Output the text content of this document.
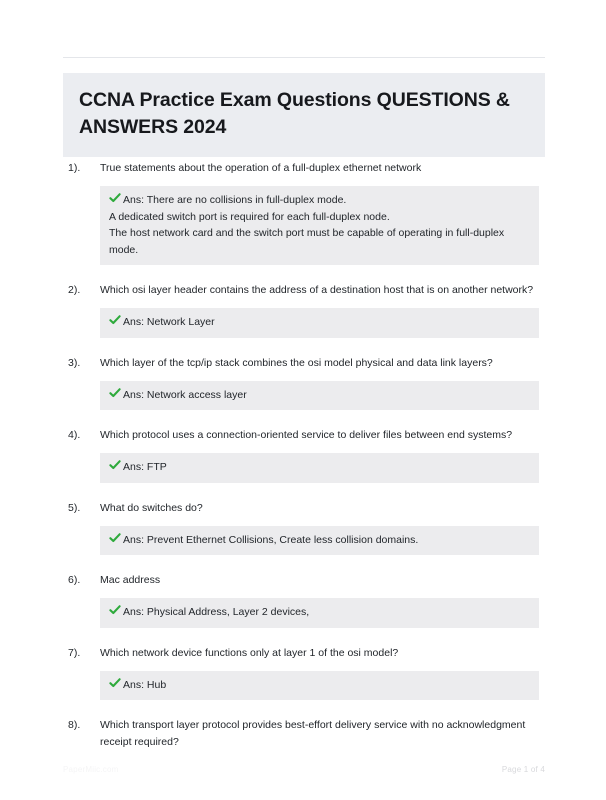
CCNA Practice Exam Questions QUESTIONS & ANSWERS 2024
1).	True statements about the operation of a full-duplex ethernet network

Ans: There are no collisions in full-duplex mode.

A dedicated switch port is required for each full-duplex node.

The host network card and the switch port must be capable of operating in full-duplex mode.

2).	Which osi layer header contains the address of a destination host that is on another network?

Ans: Network Layer

3).	Which layer of the tcp/ip stack combines the osi model physical and data link layers?

Ans: Network access layer

4).	Which protocol uses a connection-oriented service to deliver files between end systems?

Ans: FTP

5).	What do switches do?

Ans: Prevent Ethernet Collisions, Create less collision domains.

6).	Mac address

Ans: Physical Address, Layer 2 devices,

7).	Which network device functions only at layer 1 of the osi model?

Ans: Hub

8).	Which transport layer protocol provides best-effort delivery service with no acknowledgment receipt required?

PaperMiic.com	Page 1 of 4
